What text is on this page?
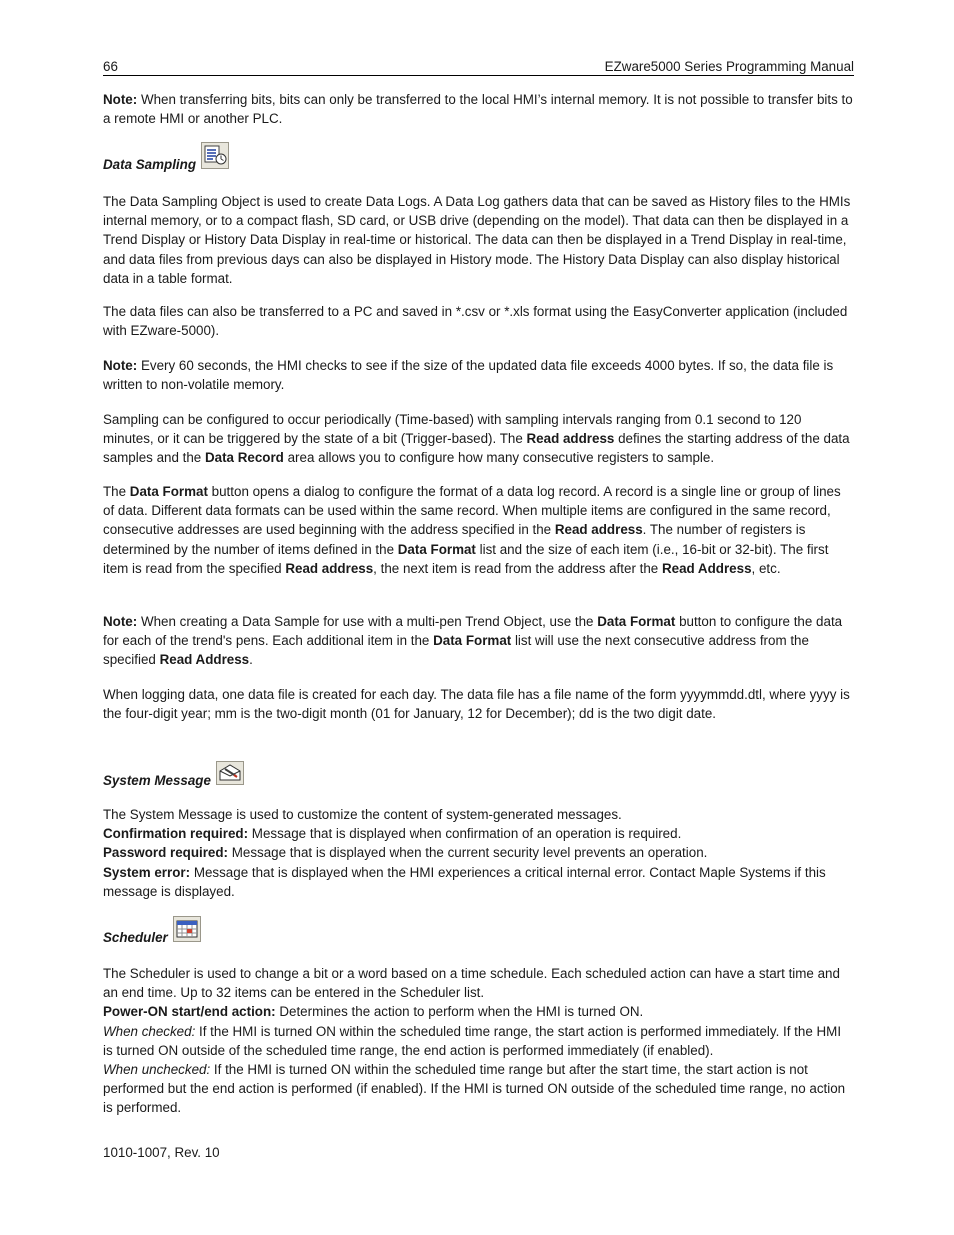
66	EZware5000 Series Programming Manual

Note: When transferring bits, bits can only be transferred to the local HMI’s internal memory. It is not possible to transfer bits to a remote HMI or another PLC.

Data Sampling

The Data Sampling Object is used to create Data Logs. A Data Log gathers data that can be saved as History files to the HMIs internal memory, or to a compact flash, SD card, or USB drive (depending on the model). That data can then be displayed in a Trend Display or History Data Display in real-time or historical. The data can then be displayed in a Trend Display in real-time, and data files from previous days can also be displayed in History mode. The History Data Display can also display historical data in a table format.

The data files can also be transferred to a PC and saved in *.csv or *.xls format using the EasyConverter application (included with EZware-5000).

Note: Every 60 seconds, the HMI checks to see if the size of the updated data file exceeds 4000 bytes. If so, the data file is written to non-volatile memory.

Sampling can be configured to occur periodically (Time-based) with sampling intervals ranging from 0.1 second to 120 minutes, or it can be triggered by the state of a bit (Trigger-based). The Read address defines the starting address of the data samples and the Data Record area allows you to configure how many consecutive registers to sample.

The Data Format button opens a dialog to configure the format of a data log record. A record is a single line or group of lines of data. Different data formats can be used within the same record. When multiple items are configured in the same record, consecutive addresses are used beginning with the address specified in the Read address. The number of registers is determined by the number of items defined in the Data Format list and the size of each item (i.e., 16-bit or 32-bit). The first item is read from the specified Read address, the next item is read from the address after the Read Address, etc.

Note: When creating a Data Sample for use with a multi-pen Trend Object, use the Data Format button to configure the data for each of the trend's pens. Each additional item in the Data Format list will use the next consecutive address from the specified Read Address.

When logging data, one data file is created for each day. The data file has a file name of the form yyyymmdd.dtl, where yyyy is the four-digit year; mm is the two-digit month (01 for January, 12 for December); dd is the two digit date.

System Message
The System Message is used to customize the content of system-generated messages.
Confirmation required: Message that is displayed when confirmation of an operation is required.
Password required: Message that is displayed when the current security level prevents an operation.
System error: Message that is displayed when the HMI experiences a critical internal error. Contact Maple Systems if this message is displayed.
Scheduler
The Scheduler is used to change a bit or a word based on a time schedule. Each scheduled action can have a start time and an end time. Up to 32 items can be entered in the Scheduler list.
Power-ON start/end action: Determines the action to perform when the HMI is turned ON.
When checked: If the HMI is turned ON within the scheduled time range, the start action is performed immediately. If the HMI is turned ON outside of the scheduled time range, the end action is performed immediately (if enabled).
When unchecked: If the HMI is turned ON within the scheduled time range but after the start time, the start action is not performed but the end action is performed (if enabled). If the HMI is turned ON outside of the scheduled time range, no action is performed.
1010-1007, Rev. 10
